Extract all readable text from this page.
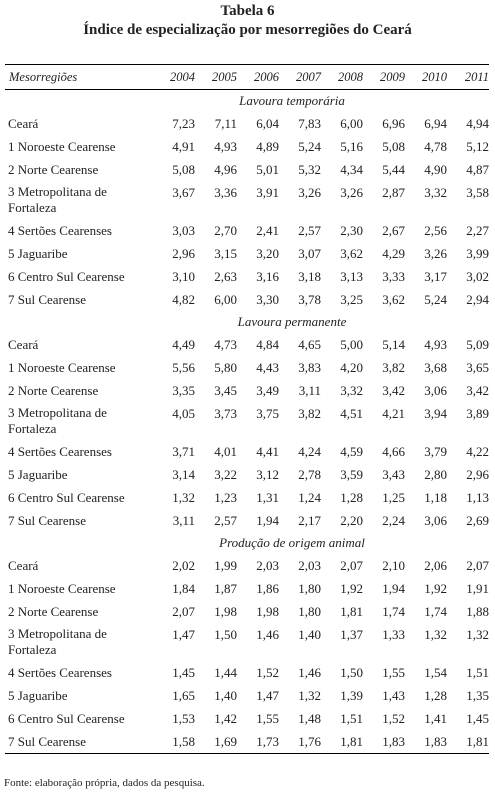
Tabela 6
Índice de especialização por mesorregiões do Ceará
Mesorregiões	2004	2005	2006	2007	2008	2009	2010	2011
Lavoura temporária								
Ceará	7,23	7,11	6,04	7,83	6,00	6,96	6,94	4,94
1 Noroeste Cearense	4,91	4,93	4,89	5,24	5,16	5,08	4,78	5,12
2 Norte Cearense	5,08	4,96	5,01	5,32	4,34	5,44	4,90	4,87
3 Metropolitana de Fortaleza	3,67	3,36	3,91	3,26	3,26	2,87	3,32	3,58
4 Sertões Cearenses	3,03	2,70	2,41	2,57	2,30	2,67	2,56	2,27
5 Jaguaribe	2,96	3,15	3,20	3,07	3,62	4,29	3,26	3,99
6 Centro Sul Cearense	3,10	2,63	3,16	3,18	3,13	3,33	3,17	3,02
7 Sul Cearense	4,82	6,00	3,30	3,78	3,25	3,62	5,24	2,94
Lavoura permanente								
Ceará	4,49	4,73	4,84	4,65	5,00	5,14	4,93	5,09
1 Noroeste Cearense	5,56	5,80	4,43	3,83	4,20	3,82	3,68	3,65
2 Norte Cearense	3,35	3,45	3,49	3,11	3,32	3,42	3,06	3,42
3 Metropolitana de Fortaleza	4,05	3,73	3,75	3,82	4,51	4,21	3,94	3,89
4 Sertões Cearenses	3,71	4,01	4,41	4,24	4,59	4,66	3,79	4,22
5 Jaguaribe	3,14	3,22	3,12	2,78	3,59	3,43	2,80	2,96
6 Centro Sul Cearense	1,32	1,23	1,31	1,24	1,28	1,25	1,18	1,13
7 Sul Cearense	3,11	2,57	1,94	2,17	2,20	2,24	3,06	2,69
Produção de origem animal								
Ceará	2,02	1,99	2,03	2,03	2,07	2,10	2,06	2,07
1 Noroeste Cearense	1,84	1,87	1,86	1,80	1,92	1,94	1,92	1,91
2 Norte Cearense	2,07	1,98	1,98	1,80	1,81	1,74	1,74	1,88
3 Metropolitana de Fortaleza	1,47	1,50	1,46	1,40	1,37	1,33	1,32	1,32
4 Sertões Cearenses	1,45	1,44	1,52	1,46	1,50	1,55	1,54	1,51
5 Jaguaribe	1,65	1,40	1,47	1,32	1,39	1,43	1,28	1,35
6 Centro Sul Cearense	1,53	1,42	1,55	1,48	1,51	1,52	1,41	1,45
7 Sul Cearense	1,58	1,69	1,73	1,76	1,81	1,83	1,83	1,81
Fonte: elaboração própria, dados da pesquisa.
